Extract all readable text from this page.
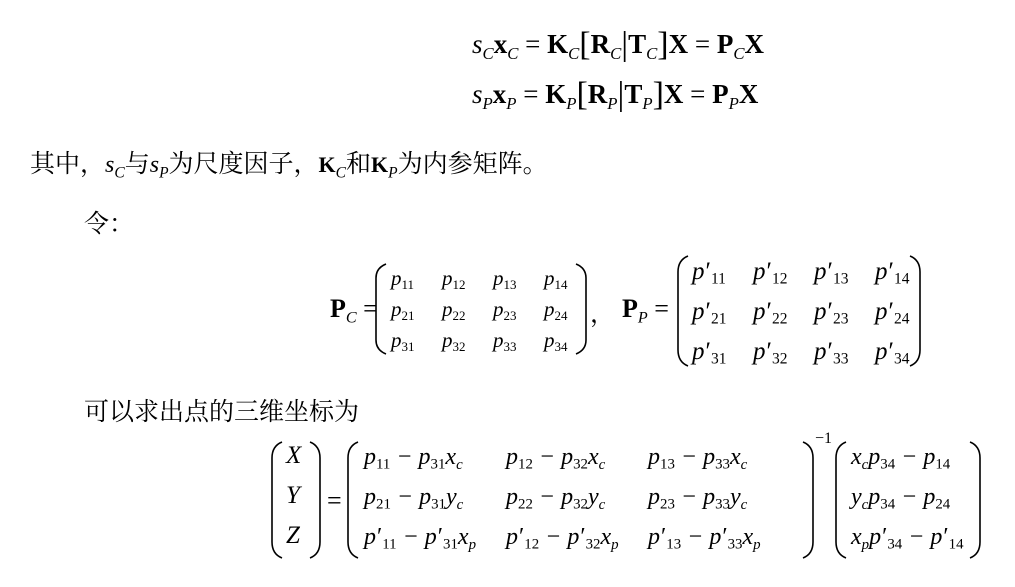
$s_Cx_C = K_C[R_C|T_C]X = P_CX$
$s_Px_P = K_P[R_P|T_P]X = P_PX$
其中，$s_C$与$s_P$为尺度因子，$K_C$和$K_P$为内参矩阵。
令：
$P_C$ =
p11 p12 p13 p14
p21 p22 p23 p24
p31 p32 p33 p34
， $P_P$ =
p′11 p′12 p′13 p′14
p′21 p′22 p′23 p′24
p′31 p′32 p′33 p′34
可以求出点的三维坐标为
X
Y
Z
$p11 - p31x_c$ $p12 - p32x_c$ $p13 - p33x_c$
$p21 - p31y_c$ $p22 - p32y_c$ $p23 - p33y_c$
$p'11 - p'31x_p$ $p'12 - p'32x_p$ $p'13 - p'33x_p$
$x_cp34 - p14$
$y_cp34 - p24$
$x_pp'34 - p'14$
=
−1
